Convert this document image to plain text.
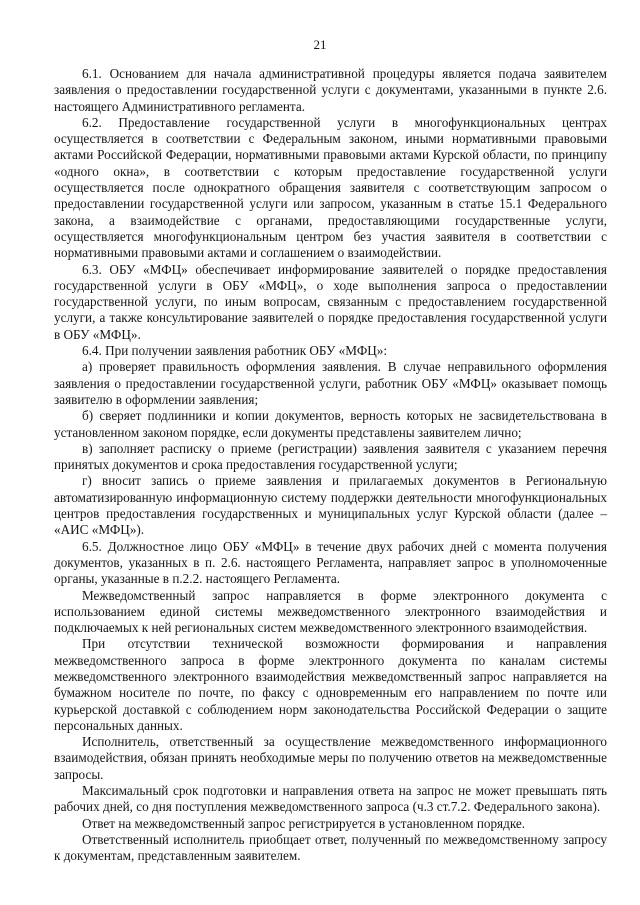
21

6.1. Основанием для начала административной процедуры является подача заявителем заявления о предоставлении государственной услуги с документами, указанными в пункте 2.6. настоящего Административного регламента.

6.2. Предоставление государственной услуги в многофункциональных центрах осуществляется в соответствии с Федеральным законом, иными нормативными правовыми актами Российской Федерации, нормативными правовыми актами Курской области, по принципу «одного окна», в соответствии с которым предоставление государственной услуги осуществляется после однократного обращения заявителя с соответствующим запросом о предоставлении государственной услуги или запросом, указанным в статье 15.1 Федерального закона, а взаимодействие с органами, предоставляющими государственные услуги, осуществляется многофункциональным центром без участия заявителя в соответствии с нормативными правовыми актами и соглашением о взаимодействии.

6.3. ОБУ «МФЦ» обеспечивает информирование заявителей о порядке предоставления государственной услуги в ОБУ «МФЦ», о ходе выполнения запроса о предоставлении государственной услуги, по иным вопросам, связанным с предоставлением государственной услуги, а также консультирование заявителей о порядке предоставления государственной услуги в ОБУ «МФЦ».

6.4. При получении заявления работник ОБУ «МФЦ»:

а) проверяет правильность оформления заявления. В случае неправильного оформления заявления о предоставлении государственной услуги, работник ОБУ «МФЦ» оказывает помощь заявителю в оформлении заявления;

б) сверяет подлинники и копии документов, верность которых не засвидетельствована в установленном законом порядке, если документы представлены заявителем лично;

в) заполняет расписку о приеме (регистрации) заявления заявителя с указанием перечня принятых документов и срока предоставления государственной услуги;

г) вносит запись о приеме заявления и прилагаемых документов в Региональную автоматизированную информационную систему поддержки деятельности многофункциональных центров предоставления государственных и муниципальных услуг Курской области (далее – «АИС «МФЦ»).

6.5. Должностное лицо ОБУ «МФЦ» в течение двух рабочих дней с момента получения документов, указанных в п. 2.6. настоящего Регламента, направляет запрос в уполномоченные органы, указанные в п.2.2. настоящего Регламента.

Межведомственный запрос направляется в форме электронного документа с использованием единой системы межведомственного электронного взаимодействия и подключаемых к ней региональных систем межведомственного электронного взаимодействия.

При отсутствии технической возможности формирования и направления межведомственного запроса в форме электронного документа по каналам системы межведомственного электронного взаимодействия межведомственный запрос направляется на бумажном носителе по почте, по факсу с одновременным его направлением по почте или курьерской доставкой с соблюдением норм законодательства Российской Федерации о защите персональных данных.

Исполнитель, ответственный за осуществление межведомственного информационного взаимодействия, обязан принять необходимые меры по получению ответов на межведомственные запросы.

Максимальный срок подготовки и направления ответа на запрос не может превышать пять рабочих дней, со дня поступления межведомственного запроса (ч.3 ст.7.2. Федерального закона).

Ответ на межведомственный запрос регистрируется в установленном порядке.

Ответственный исполнитель приобщает ответ, полученный по межведомственному запросу к документам, представленным заявителем.
